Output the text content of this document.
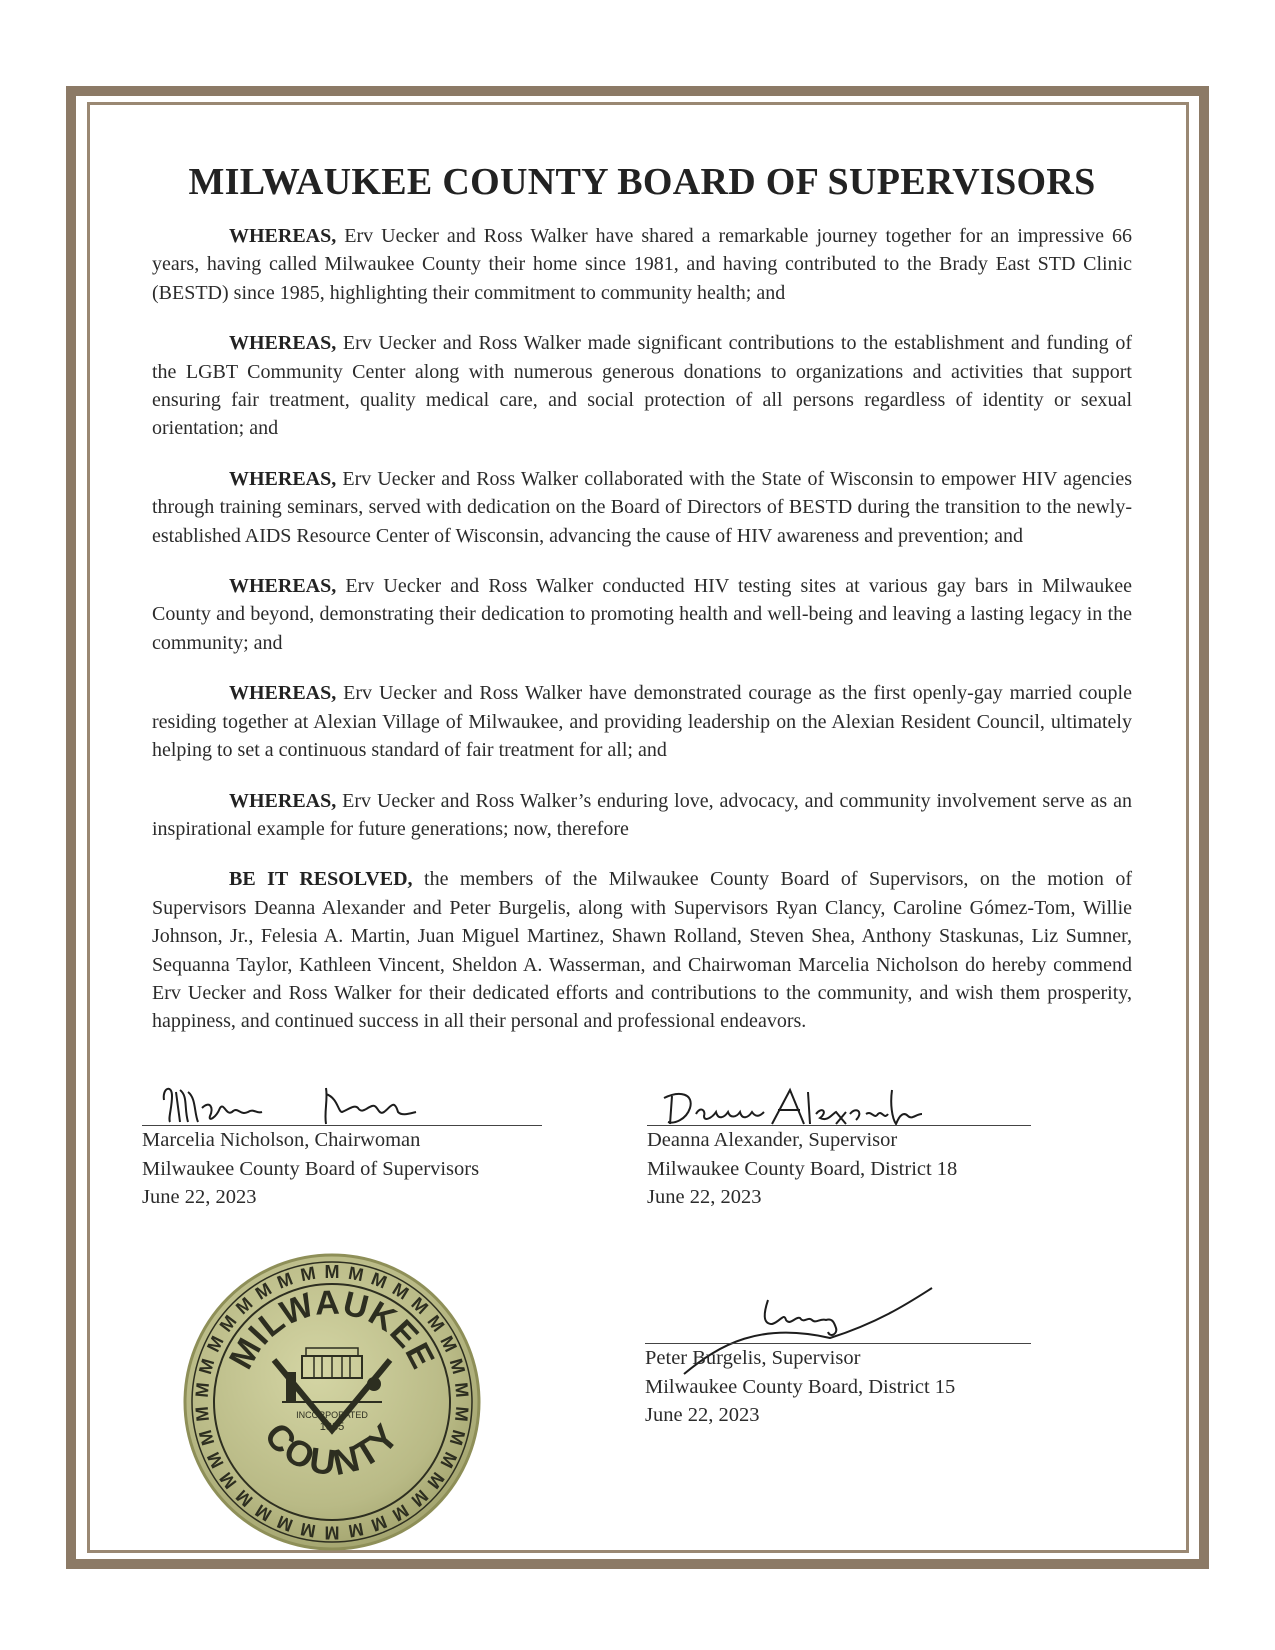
MILWAUKEE COUNTY BOARD OF SUPERVISORS

WHEREAS, Erv Uecker and Ross Walker have shared a remarkable journey together for an impressive 66 years, having called Milwaukee County their home since 1981, and having contributed to the Brady East STD Clinic (BESTD) since 1985, highlighting their commitment to community health; and

WHEREAS, Erv Uecker and Ross Walker made significant contributions to the establishment and funding of the LGBT Community Center along with numerous generous donations to organizations and activities that support ensuring fair treatment, quality medical care, and social protection of all persons regardless of identity or sexual orientation; and

WHEREAS, Erv Uecker and Ross Walker collaborated with the State of Wisconsin to empower HIV agencies through training seminars, served with dedication on the Board of Directors of BESTD during the transition to the newly-established AIDS Resource Center of Wisconsin, advancing the cause of HIV awareness and prevention; and

WHEREAS, Erv Uecker and Ross Walker conducted HIV testing sites at various gay bars in Milwaukee County and beyond, demonstrating their dedication to promoting health and well-being and leaving a lasting legacy in the community; and

WHEREAS, Erv Uecker and Ross Walker have demonstrated courage as the first openly-gay married couple residing together at Alexian Village of Milwaukee, and providing leadership on the Alexian Resident Council, ultimately helping to set a continuous standard of fair treatment for all; and

WHEREAS, Erv Uecker and Ross Walker’s enduring love, advocacy, and community involvement serve as an inspirational example for future generations; now, therefore

BE IT RESOLVED, the members of the Milwaukee County Board of Supervisors, on the motion of Supervisors Deanna Alexander and Peter Burgelis, along with Supervisors Ryan Clancy, Caroline Gómez-Tom, Willie Johnson, Jr., Felesia A. Martin, Juan Miguel Martinez, Shawn Rolland, Steven Shea, Anthony Staskunas, Liz Sumner, Sequanna Taylor, Kathleen Vincent, Sheldon A. Wasserman, and Chairwoman Marcelia Nicholson do hereby commend Erv Uecker and Ross Walker for their dedicated efforts and contributions to the community, and wish them prosperity, happiness, and continued success in all their personal and professional endeavors.

Marcelia Nicholson, Chairwoman
Milwaukee County Board of Supervisors
June 22, 2023
Deanna Alexander, Supervisor
Milwaukee County Board, District 18
June 22, 2023
Peter Burgelis, Supervisor
Milwaukee County Board, District 15
June 22, 2023
M M M M
M
M
M
M
M
M
M
M
M
M
M
M
M
M
M
M
M
M
M
M
M
M
M
M
M
M
M
M M M
MILWAUKEE
COUNTY
INCORPORATED
1835
